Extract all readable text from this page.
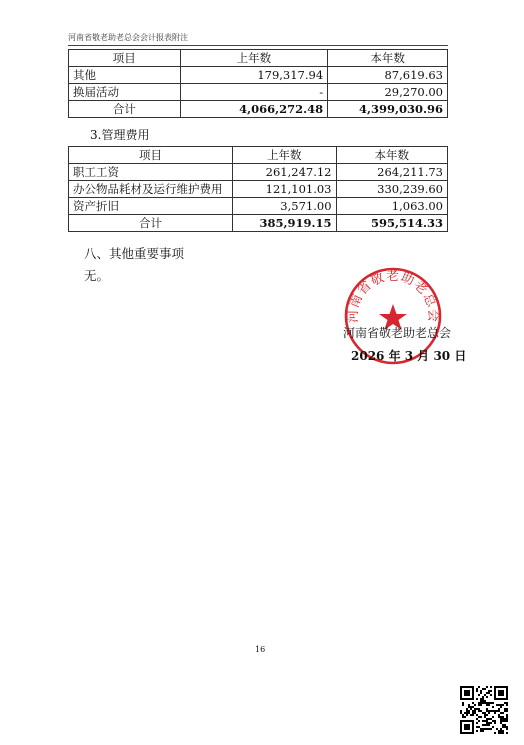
河南省敬老助老总会会计报表附注
项目	上年数	本年数
其他	179,317.94	87,619.63
换届活动	-	29,270.00
合计	4,066,272.48	4,399,030.96
3.管理费用
项目	上年数	本年数
职工工资	261,247.12	264,211.73
办公物品耗材及运行维护费用	121,101.03	330,239.60
资产折旧	3,571.00	1,063.00
合计	385,919.15	595,514.33
八、其他重要事项
无。
河南省敬老助老总会
河南省敬老助老总会
2026 年 3 月 30 日
16
